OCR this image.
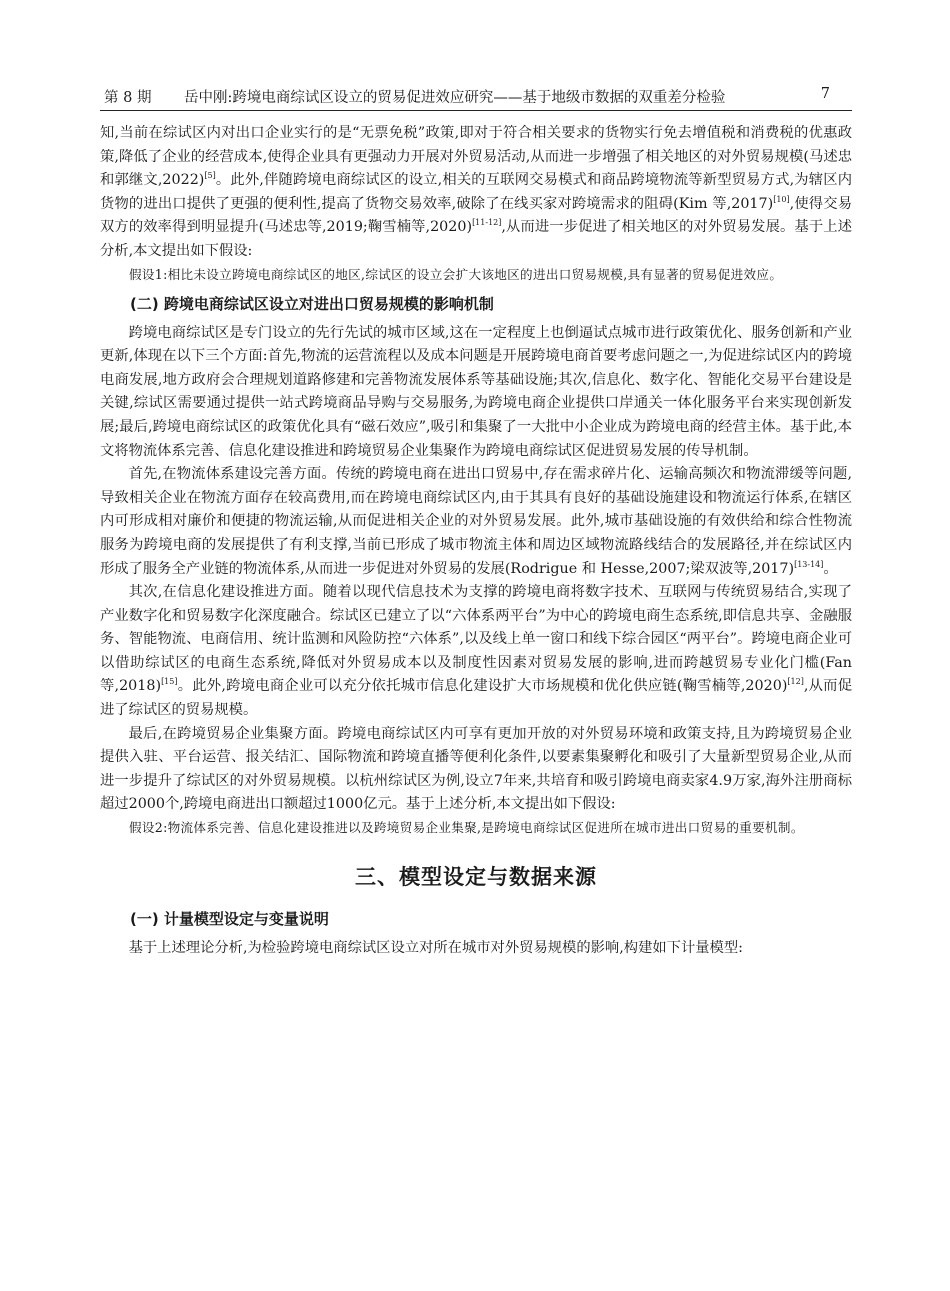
第 8 期 岳中刚:跨境电商综试区设立的贸易促进效应研究——基于地级市数据的双重差分检验	7

知,当前在综试区内对出口企业实行的是“无票免税”政策,即对于符合相关要求的货物实行免去增值税和消费税的优惠政策,降低了企业的经营成本,使得企业具有更强动力开展对外贸易活动,从而进一步增强了相关地区的对外贸易规模(马述忠和郭继文,2022)[5]。此外,伴随跨境电商综试区的设立,相关的互联网交易模式和商品跨境物流等新型贸易方式,为辖区内货物的进出口提供了更强的便利性,提高了货物交易效率,破除了在线买家对跨境需求的阻碍(Kim 等,2017)[10],使得交易双方的效率得到明显提升(马述忠等,2019;鞠雪楠等,2020)[11-12],从而进一步促进了相关地区的对外贸易发展。基于上述分析,本文提出如下假设:

假设1:相比未设立跨境电商综试区的地区,综试区的设立会扩大该地区的进出口贸易规模,具有显著的贸易促进效应。

(二) 跨境电商综试区设立对进出口贸易规模的影响机制

跨境电商综试区是专门设立的先行先试的城市区域,这在一定程度上也倒逼试点城市进行政策优化、服务创新和产业更新,体现在以下三个方面:首先,物流的运营流程以及成本问题是开展跨境电商首要考虑问题之一,为促进综试区内的跨境电商发展,地方政府会合理规划道路修建和完善物流发展体系等基础设施;其次,信息化、数字化、智能化交易平台建设是关键,综试区需要通过提供一站式跨境商品导购与交易服务,为跨境电商企业提供口岸通关一体化服务平台来实现创新发展;最后,跨境电商综试区的政策优化具有“磁石效应”,吸引和集聚了一大批中小企业成为跨境电商的经营主体。基于此,本文将物流体系完善、信息化建设推进和跨境贸易企业集聚作为跨境电商综试区促进贸易发展的传导机制。

首先,在物流体系建设完善方面。传统的跨境电商在进出口贸易中,存在需求碎片化、运输高频次和物流滞缓等问题,导致相关企业在物流方面存在较高费用,而在跨境电商综试区内,由于其具有良好的基础设施建设和物流运行体系,在辖区内可形成相对廉价和便捷的物流运输,从而促进相关企业的对外贸易发展。此外,城市基础设施的有效供给和综合性物流服务为跨境电商的发展提供了有利支撑,当前已形成了城市物流主体和周边区域物流路线结合的发展路径,并在综试区内形成了服务全产业链的物流体系,从而进一步促进对外贸易的发展(Rodrigue 和 Hesse,2007;梁双波等,2017)[13-14]。

其次,在信息化建设推进方面。随着以现代信息技术为支撑的跨境电商将数字技术、互联网与传统贸易结合,实现了产业数字化和贸易数字化深度融合。综试区已建立了以“六体系两平台”为中心的跨境电商生态系统,即信息共享、金融服务、智能物流、电商信用、统计监测和风险防控“六体系”,以及线上单一窗口和线下综合园区“两平台”。跨境电商企业可以借助综试区的电商生态系统,降低对外贸易成本以及制度性因素对贸易发展的影响,进而跨越贸易专业化门槛(Fan 等,2018)[15]。此外,跨境电商企业可以充分依托城市信息化建设扩大市场规模和优化供应链(鞠雪楠等,2020)[12],从而促进了综试区的贸易规模。

最后,在跨境贸易企业集聚方面。跨境电商综试区内可享有更加开放的对外贸易环境和政策支持,且为跨境贸易企业提供入驻、平台运营、报关结汇、国际物流和跨境直播等便利化条件,以要素集聚孵化和吸引了大量新型贸易企业,从而进一步提升了综试区的对外贸易规模。以杭州综试区为例,设立7年来,共培育和吸引跨境电商卖家4.9万家,海外注册商标超过2000个,跨境电商进出口额超过1000亿元。基于上述分析,本文提出如下假设:

假设2:物流体系完善、信息化建设推进以及跨境贸易企业集聚,是跨境电商综试区促进所在城市进出口贸易的重要机制。

三、模型设定与数据来源
(一) 计量模型设定与变量说明

基于上述理论分析,为检验跨境电商综试区设立对所在城市对外贸易规模的影响,构建如下计量模型:
